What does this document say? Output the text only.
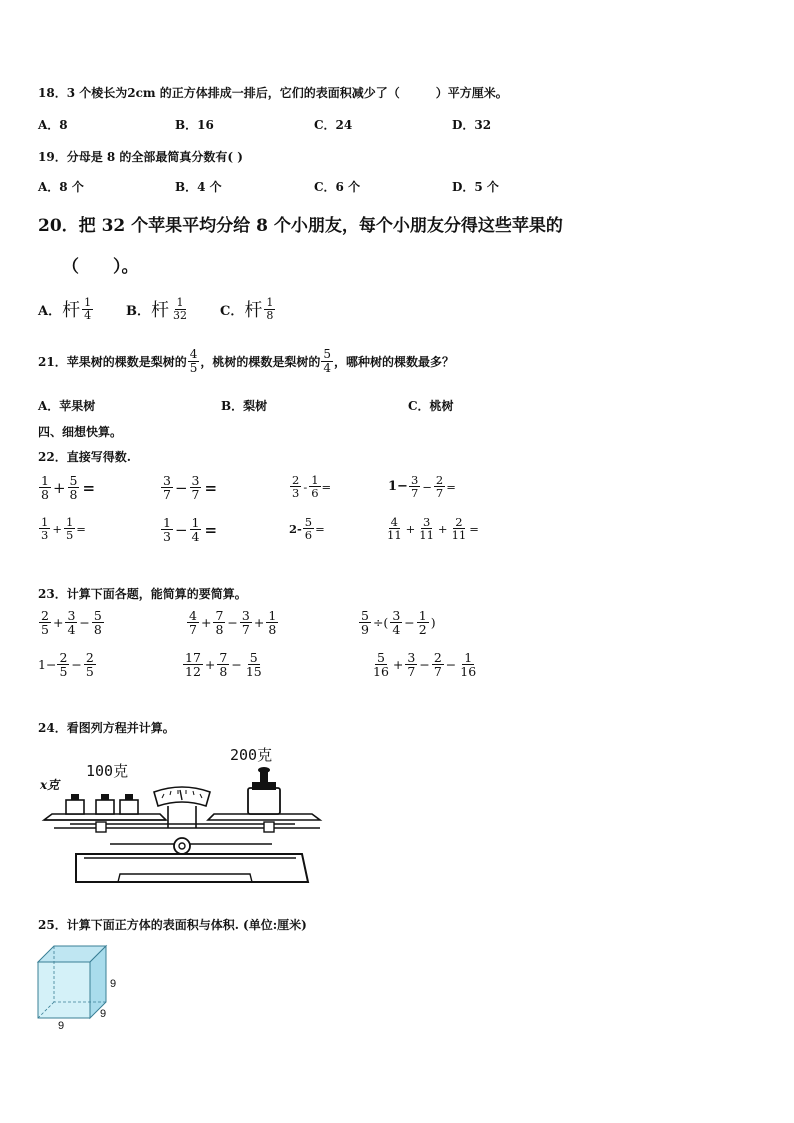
18．3 个棱长为2cm 的正方体排成一排后，它们的表面积减少了（　　　）平方厘米。
A．8	B．16	C．24	D．32
19．分母是 8 的全部最简真分数有( )
A．8 个	B．4 个	C．6 个	D．5 个
20．把 32 个苹果平均分给 8 个小朋友，每个小朋友分得这些苹果的
（　　）。
A． 杆 $\frac{1}{4}$	B． 杆 $\frac{1}{32}$ C． 杆 $\frac{1}{8}$
21．苹果树的棵数是梨树的 $\frac{4}{5}$ ，桃树的棵数是梨树的 $\frac{5}{4}$ ，哪种树的棵数最多？
A．苹果树	B．梨树	C．桃树
四、细想快算。
22．直接写得数.
$\frac{1}{8} + \frac{5}{8}$ =	$\frac{3}{7} - \frac{3}{7}$ =	$\frac{2}{3} - \frac{1}{6}$ =	$1- \frac{3}{7} - \frac{2}{7}$ =
$\frac{1}{3} + \frac{1}{5}$ =	$\frac{1}{3} - \frac{1}{4}$ =	$2- \frac{5}{6}$ =	$\frac{4}{11} + \frac{3}{11} + \frac{2}{11}$ =
23．计算下面各题，能简算的要简算。
$\frac{2}{5} + \frac{3}{4} - \frac{5}{8}$	$\frac{4}{7} + \frac{7}{8} - \frac{3}{7} + \frac{1}{8}$	$\frac{5}{9}$ ÷( $\frac{3}{4} - \frac{1}{2}$ )
$1- \frac{2}{5} - \frac{2}{5}$	$\frac{17}{12} + \frac{7}{8} - \frac{5}{15}$	$\frac{5}{16} + \frac{3}{7} - \frac{2}{7} - \frac{1}{16}$
24．看图列方程并计算。
x克
100克
200克
25．计算下面正方体的表面积与体积. (单位:厘米)
9
9
9
